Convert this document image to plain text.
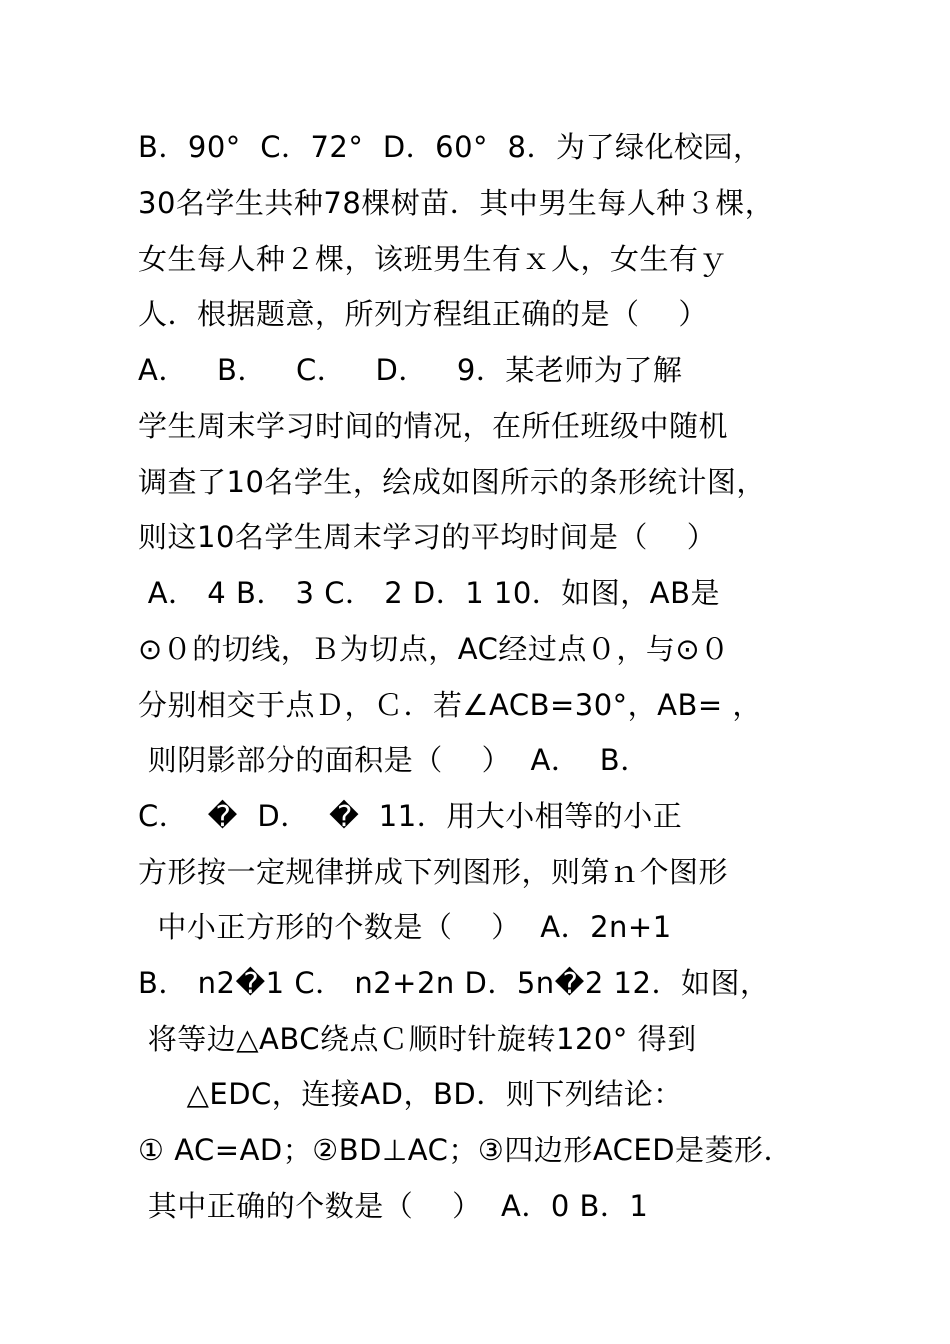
B．90°  C．72°  D．60°  8．为了绿化校园，
30名学生共种78棵树苗．其中男生每人种３棵，
女生每人种２棵，该班男生有ｘ人，女生有ｙ
人．根据题意，所列方程组正确的是（    ）
A．   B．   C．   D．   9．某老师为了解
学生周末学习时间的情况，在所任班级中随机
调查了10名学生，绘成如图所示的条形统计图，
则这10名学生周末学习的平均时间是（    ）
A． 4 B． 3 C． 2 D．1 10．如图，AB是
⊙０的切线，Ｂ为切点，AC经过点０，与⊙０
分别相交于点Ｄ，Ｃ．若∠ACB=30°，AB= ，
则阴影部分的面积是（    ）  A．  B．
C．  �  D．  �  11．用大小相等的小正
方形按一定规律拼成下列图形，则第ｎ个图形
中小正方形的个数是（    ）  A．2n+1
B． n2�1 C． n2+2n D．5n�2 12．如图，
将等边△ABC绕点Ｃ顺时针旋转120° 得到
△EDC，连接AD，BD．则下列结论：
① AC=AD；②BD⊥AC；③四边形ACED是菱形．
其中正确的个数是（    ）  A．0 B．1
